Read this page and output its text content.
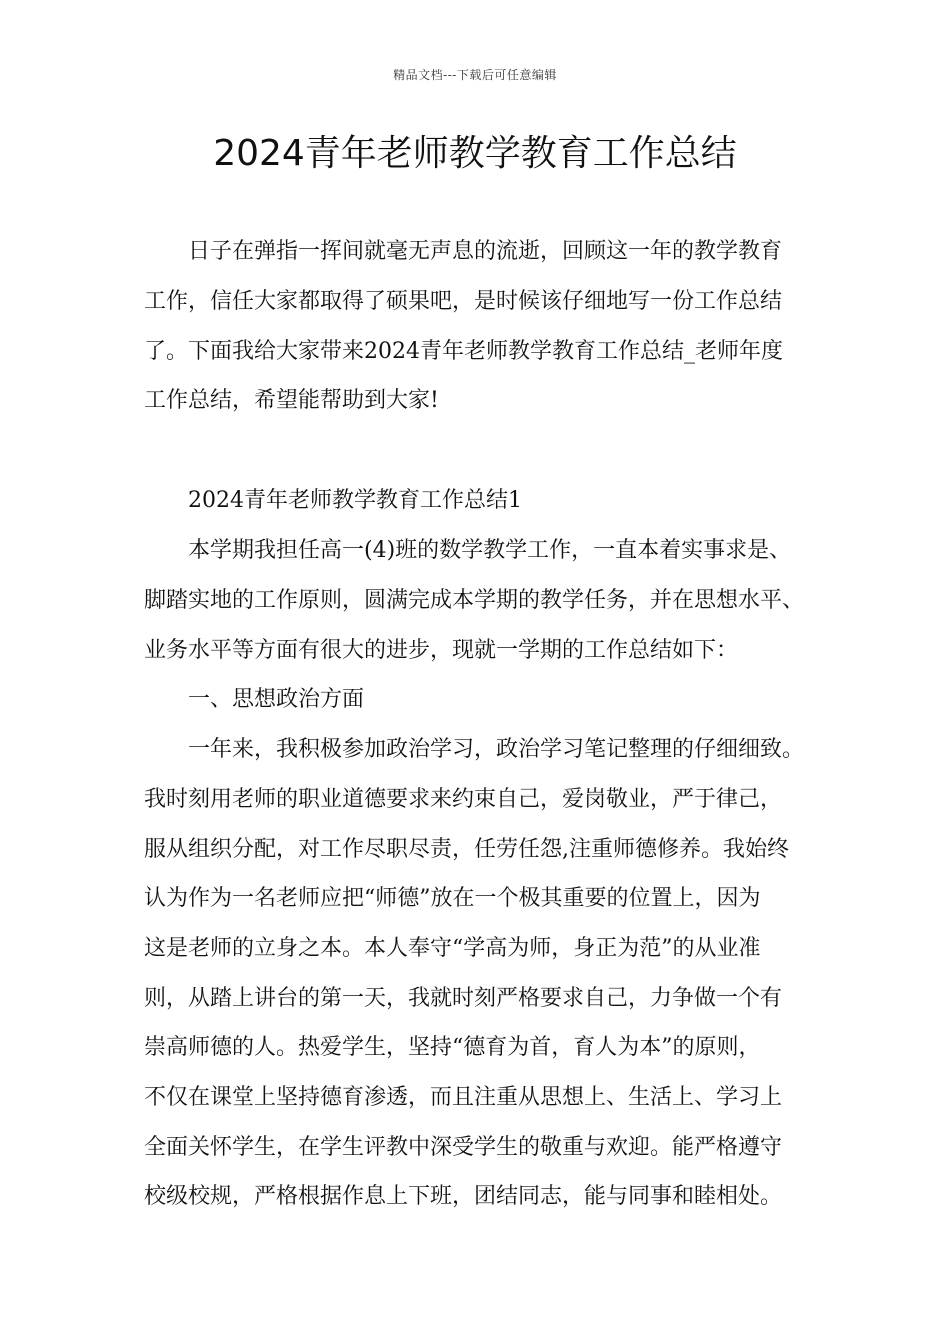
精品文档---下载后可任意编辑
2024青年老师教学教育工作总结
日子在弹指一挥间就毫无声息的流逝，回顾这一年的教学教育
工作，信任大家都取得了硕果吧，是时候该仔细地写一份工作总结
了。下面我给大家带来2024青年老师教学教育工作总结_老师年度
工作总结，希望能帮助到大家!
2024青年老师教学教育工作总结1
本学期我担任高一(4)班的数学教学工作，一直本着实事求是、
脚踏实地的工作原则，圆满完成本学期的教学任务，并在思想水平、
业务水平等方面有很大的进步，现就一学期的工作总结如下：
一、思想政治方面
一年来，我积极参加政治学习，政治学习笔记整理的仔细细致。
我时刻用老师的职业道德要求来约束自己，爱岗敬业，严于律己，
服从组织分配，对工作尽职尽责，任劳任怨,注重师德修养。我始终
认为作为一名老师应把“师德”放在一个极其重要的位置上，因为
这是老师的立身之本。本人奉守“学高为师，身正为范”的从业准
则，从踏上讲台的第一天，我就时刻严格要求自己，力争做一个有
崇高师德的人。热爱学生，坚持“德育为首，育人为本”的原则，
不仅在课堂上坚持德育渗透，而且注重从思想上、生活上、学习上
全面关怀学生，在学生评教中深受学生的敬重与欢迎。能严格遵守
校级校规，严格根据作息上下班，团结同志，能与同事和睦相处。
